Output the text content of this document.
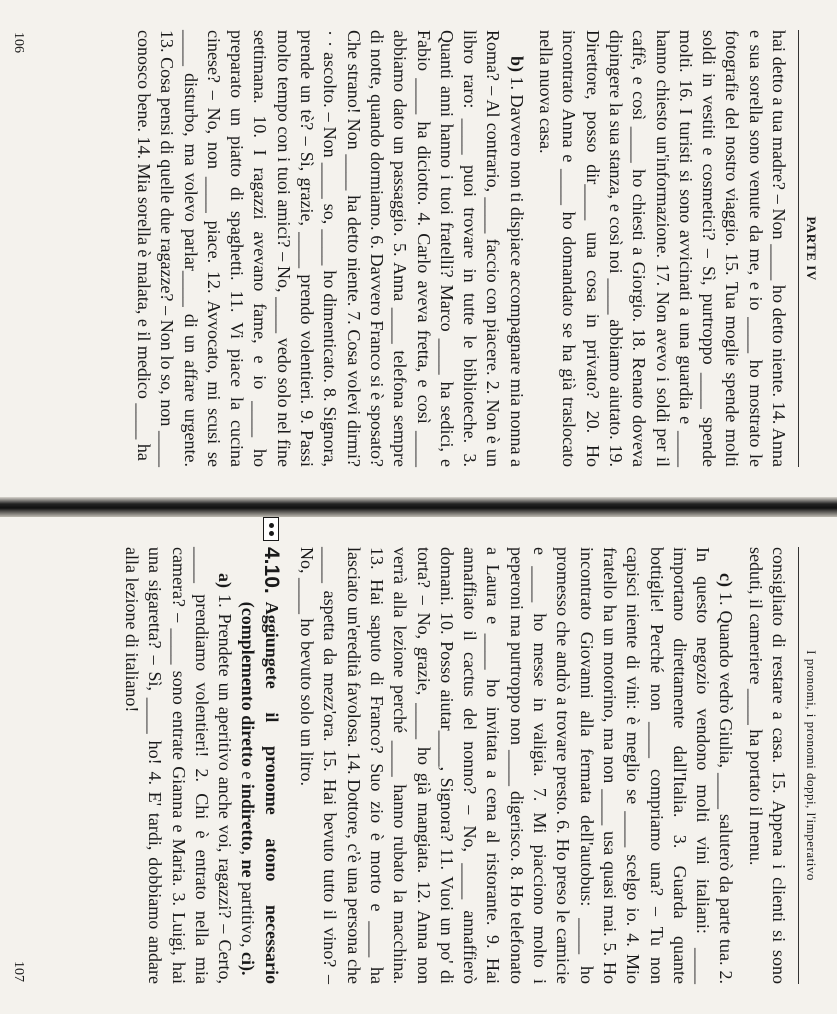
PARTE IV

hai detto a tua madre? – Non ____ ho detto niente. 14. Anna e sua sorella sono venute da me, e io ____ ho mostrato le fotografie del nostro viaggio. 15. Tua moglie spende molti soldi in vestiti e cosmetici? – Sì, purtroppo ____ spende molti. 16. I turisti si sono avvicinati a una guardia e ____ hanno chiesto un'informazione. 17. Non avevo i soldi per il caffè, e così ____ ho chiesti a Giorgio. 18. Renato doveva dipingere la sua stanza, e così noi ____ abbiamo aiutato. 19. Direttore, posso dir____ una cosa in privato? 20. Ho incontrato Anna e ____ ho domandato se ha già traslocato nella nuova casa.

b) 1. Davvero non ti dispiace accompagnare mia nonna a Roma? – Al contrario, ____ faccio con piacere. 2. Non è un libro raro: ____ puoi trovare in tutte le biblioteche. 3. Quanti anni hanno i tuoi fratelli? Marco ____ ha sedici, e Fabio ____ ha diciotto. 4. Carlo aveva fretta, e così ____ abbiamo dato un passaggio. 5. Anna ____ telefona sempre di notte, quando dormiamo. 6. Davvero Franco si è sposato? Che strano! Non ____ ha detto niente. 7. Cosa volevi dirmi? · · ascolto. – Non ____ so, ____ ho dimenticato. 8. Signora, prende un tè? – Sì, grazie, ____ prendo volentieri. 9. Passi molto tempo con i tuoi amici? – No, ____ vedo solo nel fine settimana. 10. I ragazzi avevano fame, e io ____ ho preparato un piatto di spaghetti. 11. Vi piace la cucina cinese? – No, non ____ piace. 12. Avvocato, mi scusi se ____ disturbo, ma volevo parlar____ di un affare urgente. 13. Cosa pensi di quelle due ragazze? – Non lo so, non ____ conosco bene. 14. Mia sorella è malata, e il medico ____ ha

106
I pronomi, i pronomi doppi, l'imperativo

consigliato di restare a casa. 15. Appena i clienti si sono seduti, il cameriere ____ ha portato il menu.

c) 1. Quando vedrò Giulia, ____ saluterò da parte tua. 2. In questo negozio vendono molti vini italiani: ____ importano direttamente dall'Italia. 3. Guarda quante bottiglie! Perché non ____ compriamo una? – Tu non capisci niente di vini: è meglio se ____ scelgo io. 4. Mio fratello ha un motorino, ma non ____ usa quasi mai. 5. Ho incontrato Giovanni alla fermata dell'autobus: ____ ho promesso che andrò a trovare presto. 6. Ho preso le camicie e ____ ho messe in valigia. 7. Mi piacciono molto i peperoni ma purtroppo non ____ digerisco. 8. Ho telefonato a Laura e ____ ho invitata a cena al ristorante. 9. Hai annaffiato il cactus del nonno? – No, ____ annaffierò domani. 10. Posso aiutar____, Signora? 11. Vuoi un po' di torta? – No, grazie, ____ ho già mangiata. 12. Anna non verrà alla lezione perché ____ hanno rubato la macchina. 13. Hai saputo di Franco? Suo zio è morto e ____ ha lasciato un'eredità favolosa. 14. Dottore, c'è una persona che ____ aspetta da mezz'ora. 15. Hai bevuto tutto il vino? – No, ____ ho bevuto solo un litro.

4.10.
Aggiungete il pronome atono necessario (complemento diretto e indiretto, ne partitivo, ci).

a) 1. Prendete un aperitivo anche voi, ragazzi? – Certo, ____ prendiamo volentieri! 2. Chi è entrato nella mia camera? – ____ sono entrate Gianna e Maria. 3. Luigi, hai una sigaretta? – Sì, ____ ho! 4. E' tardi, dobbiamo andare alla lezione di italiano!

107
